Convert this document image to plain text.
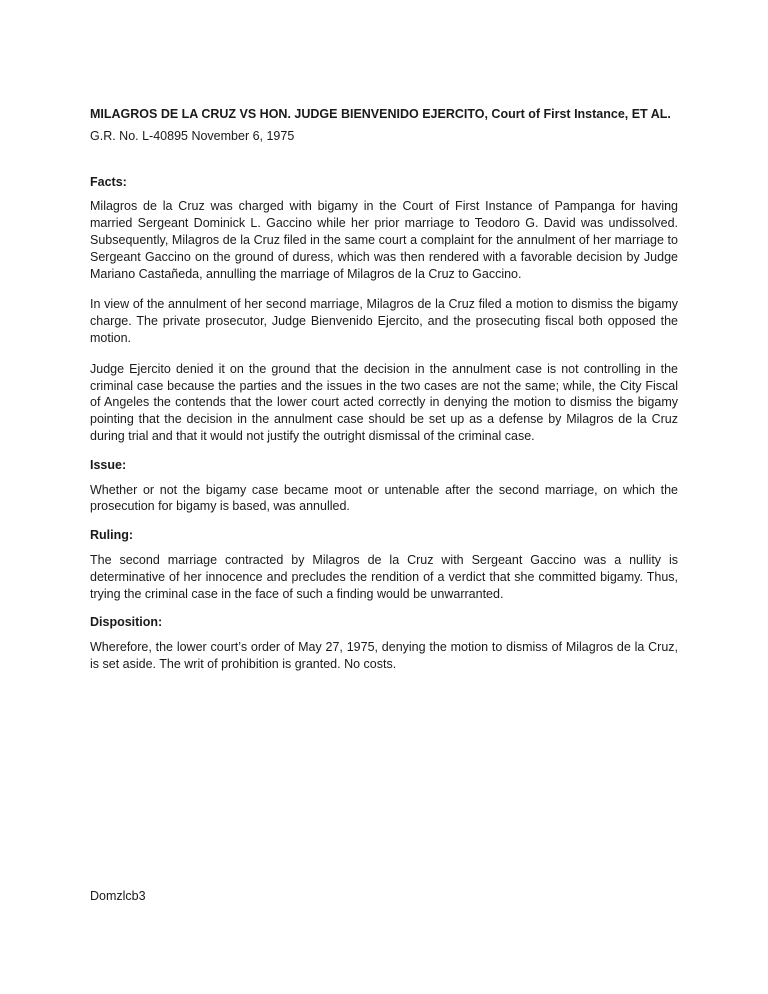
MILAGROS DE LA CRUZ VS HON. JUDGE BIENVENIDO EJERCITO, Court of First Instance, ET AL.

G.R. No. L-40895 November 6, 1975

Facts:

Milagros de la Cruz was charged with bigamy in the Court of First Instance of Pampanga for having married Sergeant Dominick L. Gaccino while her prior marriage to Teodoro G. David was undissolved. Subsequently, Milagros de la Cruz filed in the same court a complaint for the annulment of her marriage to Sergeant Gaccino on the ground of duress, which was then rendered with a favorable decision by Judge Mariano Castañeda, annulling the marriage of Milagros de la Cruz to Gaccino.

In view of the annulment of her second marriage, Milagros de la Cruz filed a motion to dismiss the bigamy charge. The private prosecutor, Judge Bienvenido Ejercito, and the prosecuting fiscal both opposed the motion.

Judge Ejercito denied it on the ground that the decision in the annulment case is not controlling in the criminal case because the parties and the issues in the two cases are not the same; while, the City Fiscal of Angeles the contends that the lower court acted correctly in denying the motion to dismiss the bigamy pointing that the decision in the annulment case should be set up as a defense by Milagros de la Cruz during trial and that it would not justify the outright dismissal of the criminal case.

Issue:

Whether or not the bigamy case became moot or untenable after the second marriage, on which the prosecution for bigamy is based, was annulled.

Ruling:

The second marriage contracted by Milagros de la Cruz with Sergeant Gaccino was a nullity is determinative of her innocence and precludes the rendition of a verdict that she committed bigamy. Thus, trying the criminal case in the face of such a finding would be unwarranted.

Disposition:

Wherefore, the lower court’s order of May 27, 1975, denying the motion to dismiss of Milagros de la Cruz, is set aside. The writ of prohibition is granted. No costs.

Domzlcb3
